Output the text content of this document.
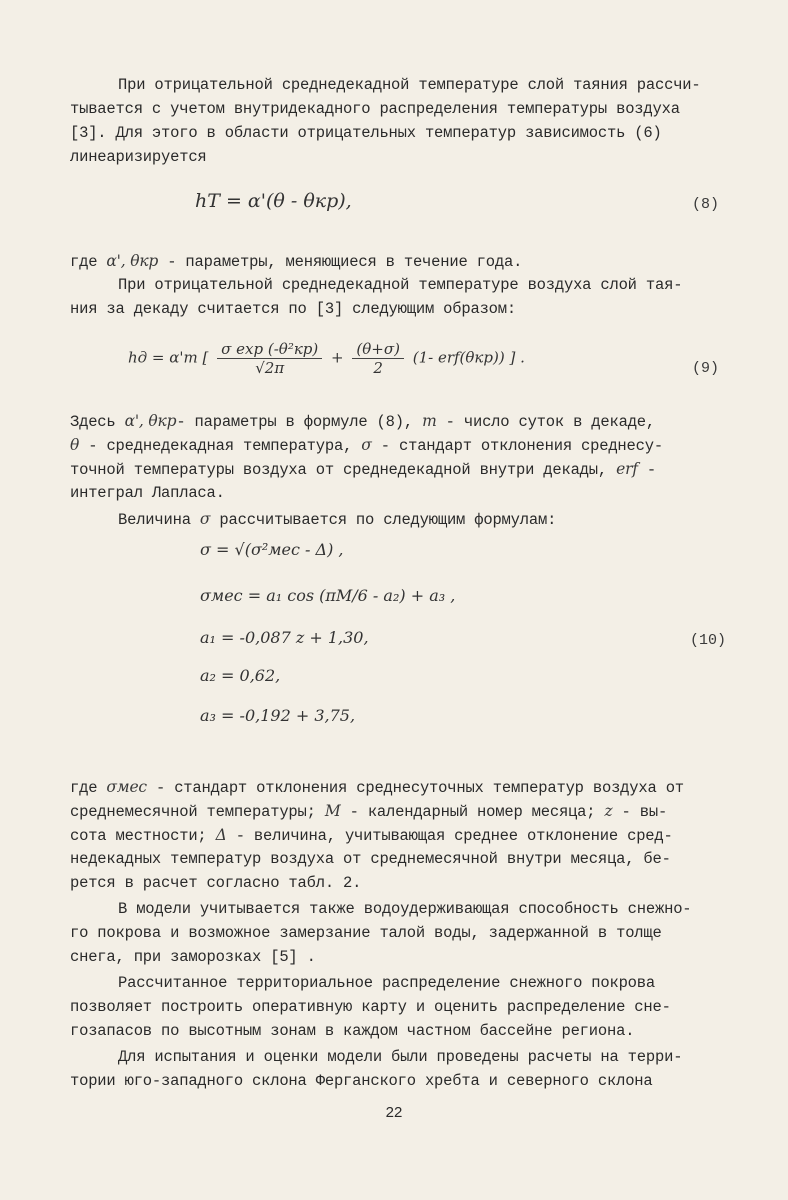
При отрицательной среднедекадной температуре слой таяния рассчи-
тывается с учетом внутридекадного распределения температуры воздуха
[3]. Для этого в области отрицательных температур зависимость (6)
линеаризируется
hT = α'(θ - θкр),	(8)
где α', θкр - параметры, меняющиеся в течение года.
При отрицательной среднедекадной температуре воздуха слой тая-
ния за декаду считается по [3] следующим образом:
hд = α'm [ $\frac{\text{σ exp (-θ²кр)}}{√2\pi} + \frac{(\theta+\sigma)}{2} (1-$ erf(θкр)) ] .
(9)
Здесь α', θкр- параметры в формуле (8), m - число суток в декаде,
θ - среднедекадная температура, σ - стандарт отклонения среднесу-
точной температуры воздуха от среднедекадной внутри декады, erf -
интеграл Лапласа.
Величина σ рассчитывается по следующим формулам:
σ = √(σ²мес - Δ) ,
σмес = a₁ cos (πM/6 - a₂) + a₃ ,
a₁ = -0,087 z + 1,30,	(10)
a₂ = 0,62,
a₃ = -0,192 + 3,75,
где σмес - стандарт отклонения среднесуточных температур воздуха от
среднемесячной температуры; M - календарный номер месяца; z - вы-
сота местности; Δ - величина, учитывающая среднее отклонение сред-
недекадных температур воздуха от среднемесячной внутри месяца, бе-
рется в расчет согласно табл. 2.
В модели учитывается также водоудерживающая способность снежно-
го покрова и возможное замерзание талой воды, задержанной в толще
снега, при заморозках [5] .
Рассчитанное территориальное распределение снежного покрова
позволяет построить оперативную карту и оценить распределение сне-
гозапасов по высотным зонам в каждом частном бассейне региона.
Для испытания и оценки модели были проведены расчеты на терри-
тории юго-западного склона Ферганского хребта и северного склона
22
